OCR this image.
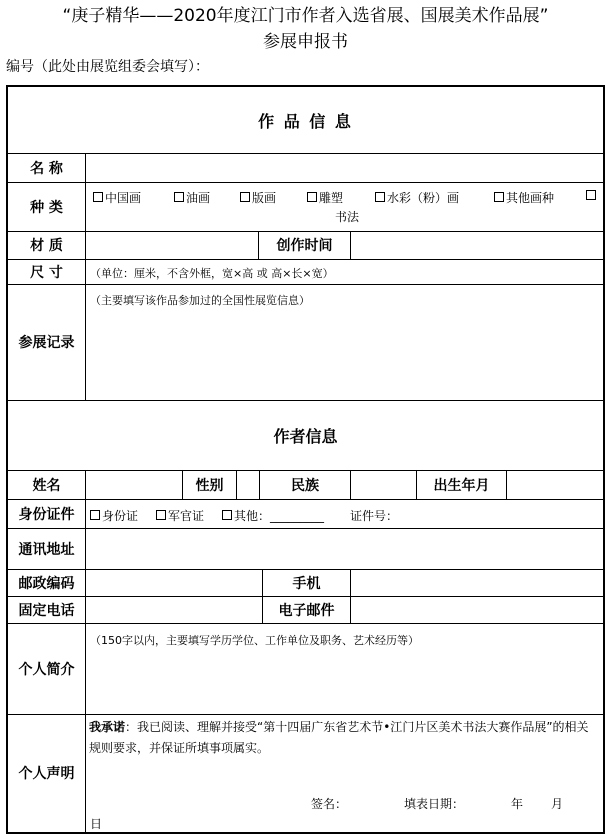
“庚子精华——2020年度江门市作者入选省展、国展美术作品展”
参展申报书
编号（此处由展览组委会填写）：
作 品 信 息
名 称
种 类
中国画	油画	版画	雕塑	水彩（粉）画	其他画种
书法
材 质	创作时间
尺 寸	（单位：厘米，不含外框，宽×高 或 高×长×宽）
参展记录
（主要填写该作品参加过的全国性展览信息）
作者信息
姓名	性别	民族	出生年月
身份证件	身份证	军官证	其他：_________ 证件号：
通讯地址
邮政编码	手机
固定电话	电子邮件
个人简介
（150字以内，主要填写学历学位、工作单位及职务、艺术经历等）
个人声明
我承诺：我已阅读、理解并接受“第十四届广东省艺术节•江门片区美术书法大赛作品展”的相关规则要求，并保证所填事项属实。
签名：	填表日期：	年 月
日
